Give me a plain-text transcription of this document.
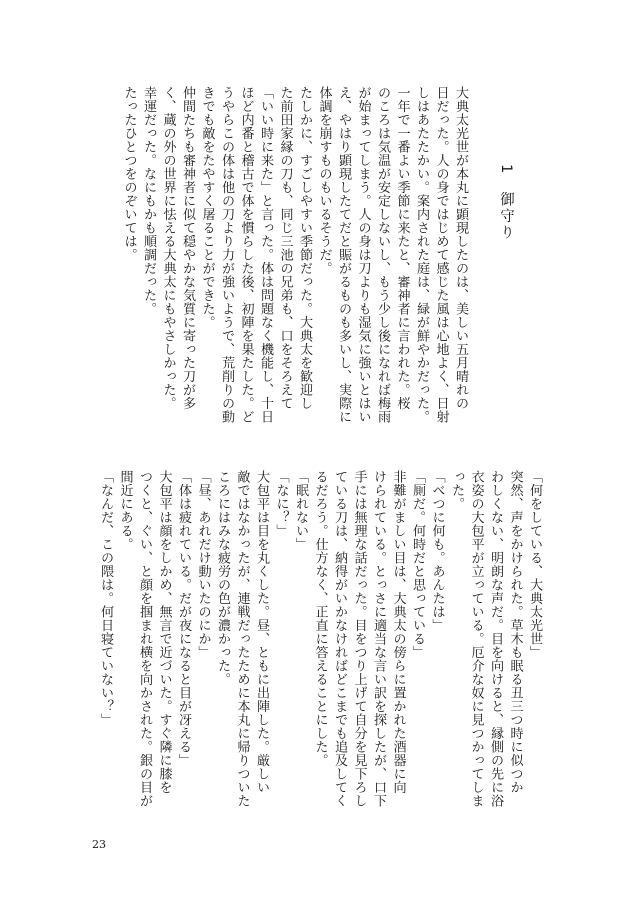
1　御守り
大典太光世が本丸に顕現したのは、美しい五月晴れの
日だった。人の身ではじめて感じた風は心地よく、日射
しはあたたかい。案内された庭は、緑が鮮やかだった。
一年で一番よい季節に来たと、審神者に言われた。桜
のころは気温が安定しないし、もう少し後になれば梅雨
が始まってしまう。人の身は刀よりも湿気に強いとはい
え、やはり顕現したてだと賑がるものも多いし、実際に
体調を崩すものもいるそうだ。
たしかに、すごしやすい季節だった。大典太を歓迎し
た前田家縁の刀も、同じ三池の兄弟も、口をそろえて
「いい時に来た」と言った。体は問題なく機能し、十日
ほど内番と稽古で体を慣らした後、初陣を果たした。ど
うやらこの体は他の刀より力が強いようで、荒削りの動
きでも敵をたやすく屠ることができた。
仲間たちも審神者に似て穏やかな気質に寄った刀が多
く、蔵の外の世界に怯える大典太にもやさしかった。
幸運だった。なにもかも順調だった。
たったひとつをのぞいては。
「何をしている、大典太光世」
突然、声をかけられた。草木も眠る丑三つ時に似つか
わしくない、明朗な声だ。目を向けると、縁側の先に浴
衣姿の大包平が立っている。厄介な奴に見つかってしま
った。
「べつに何も。あんたは」
「厠だ。何時だと思っている」
非難がましい目は、大典太の傍らに置かれた酒器に向
けられている。とっさに適当な言い訳を探したが、口下
手には無理な話だった。目をつり上げて自分を見下ろし
ている刀は、納得がいかなければどこまでも追及してく
るだろう。仕方なく、正直に答えることにした。
「眠れない」
「なに？」
大包平は目を丸くした。昼、ともに出陣した。厳しい
敵ではなかったが、連戦だったために本丸に帰りついた
ころにはみな疲労の色が濃かった。
「昼、あれだけ動いたのにか」
「体は疲れている。だが夜になると目が冴える」
大包平は顔をしかめ、無言で近づいた。すぐ隣に膝を
つくと、ぐい、と顔を掴まれ横を向かされた。銀の目が
間近にある。
「なんだ、この隈は。何日寝ていない？」
23
